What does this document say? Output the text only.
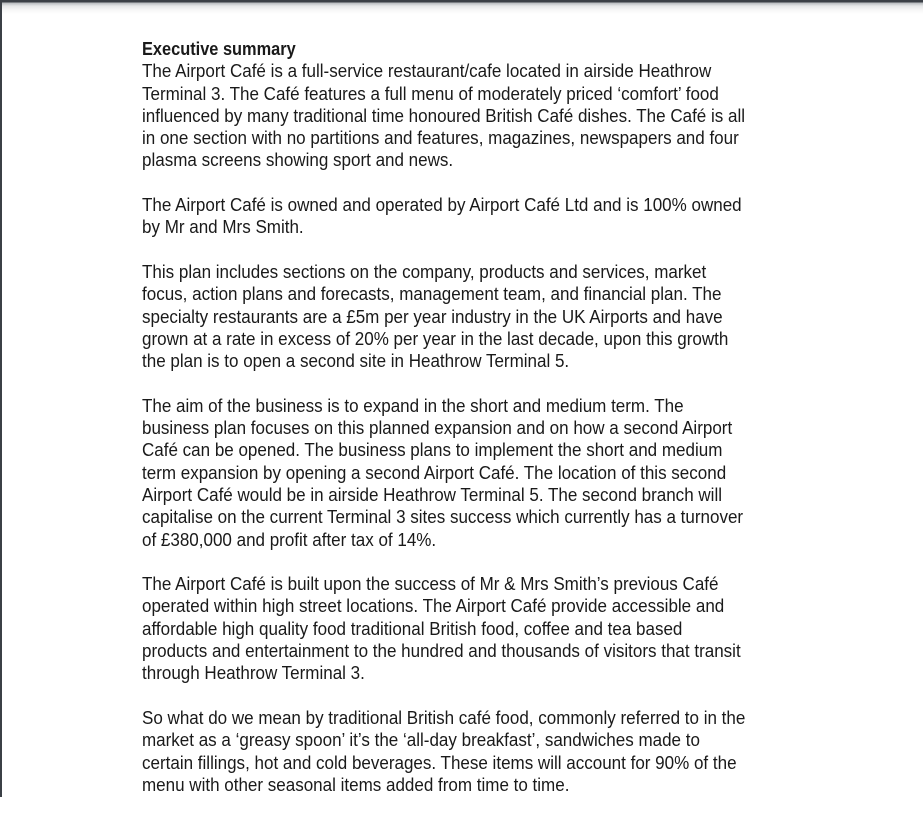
Executive summary

The Airport Café is a full-service restaurant/cafe located in airside Heathrow
Terminal 3. The Café features a full menu of moderately priced ‘comfort’ food
influenced by many traditional time honoured British Café dishes. The Café is all
in one section with no partitions and features, magazines, newspapers and four
plasma screens showing sport and news.

The Airport Café is owned and operated by Airport Café Ltd and is 100% owned
by Mr and Mrs Smith.

This plan includes sections on the company, products and services, market
focus, action plans and forecasts, management team, and financial plan. The
specialty restaurants are a £5m per year industry in the UK Airports and have
grown at a rate in excess of 20% per year in the last decade, upon this growth
the plan is to open a second site in Heathrow Terminal 5.

The aim of the business is to expand in the short and medium term. The
business plan focuses on this planned expansion and on how a second Airport
Café can be opened. The business plans to implement the short and medium
term expansion by opening a second Airport Café. The location of this second
Airport Café would be in airside Heathrow Terminal 5. The second branch will
capitalise on the current Terminal 3 sites success which currently has a turnover
of £380,000 and profit after tax of 14%.

The Airport Café is built upon the success of Mr & Mrs Smith’s previous Café
operated within high street locations. The Airport Café provide accessible and
affordable high quality food traditional British food, coffee and tea based
products and entertainment to the hundred and thousands of visitors that transit
through Heathrow Terminal 3.

So what do we mean by traditional British café food, commonly referred to in the
market as a ‘greasy spoon’ it’s the ‘all-day breakfast’, sandwiches made to
certain fillings, hot and cold beverages. These items will account for 90% of the
menu with other seasonal items added from time to time.
